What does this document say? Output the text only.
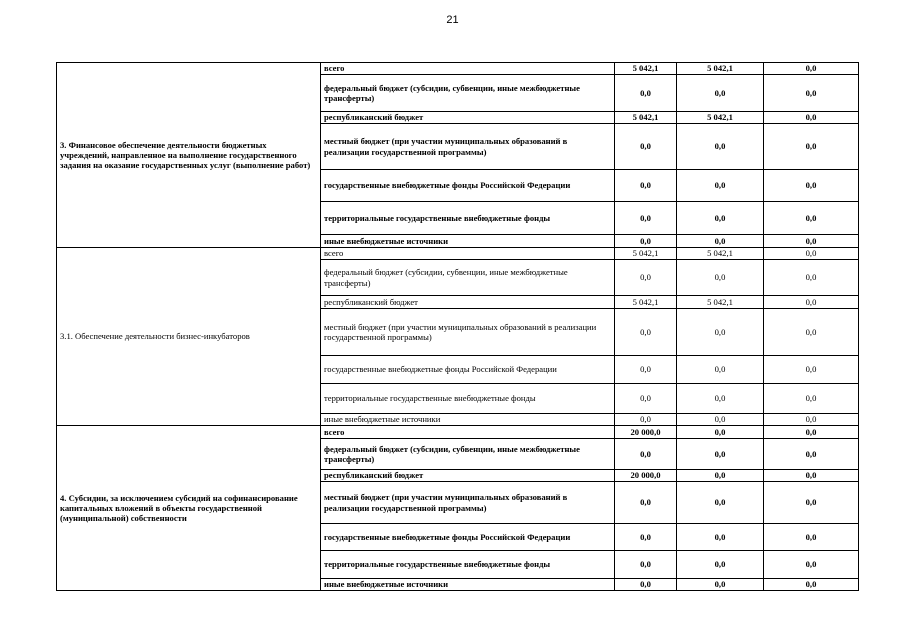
21
3. Финансовое обеспечение деятельности бюджетных учреждений, направленное на выполнение государственного задания на оказание государственных услуг (выполнение работ)	всего	5 042,1	5 042,1	0,0
	федеральный бюджет (субсидии, субвенции, иные межбюджетные трансферты)	0,0	0,0	0,0
	республиканский бюджет	5 042,1	5 042,1	0,0
	местный бюджет (при участии муниципальных образований в реализации государственной программы)	0,0	0,0	0,0
	государственные внебюджетные фонды Российской Федерации	0,0	0,0	0,0
	территориальные государственные внебюджетные фонды	0,0	0,0	0,0
	иные внебюджетные источники	0,0	0,0	0,0
3.1. Обеспечение деятельности бизнес-инкубаторов	всего	5 042,1	5 042,1	0,0
	федеральный бюджет (субсидии, субвенции, иные межбюджетные трансферты)	0,0	0,0	0,0
	республиканский бюджет	5 042,1	5 042,1	0,0
	местный бюджет (при участии муниципальных образований в реализации государственной программы)	0,0	0,0	0,0
	государственные внебюджетные фонды Российской Федерации	0,0	0,0	0,0
	территориальные государственные внебюджетные фонды	0,0	0,0	0,0
	иные внебюджетные источники	0,0	0,0	0,0
4. Субсидии, за исключением субсидий на софинансирование капитальных вложений в объекты государственной (муниципальной) собственности	всего	20 000,0	0,0	0,0
	федеральный бюджет (субсидии, субвенции, иные межбюджетные трансферты)	0,0	0,0	0,0
	республиканский бюджет	20 000,0	0,0	0,0
	местный бюджет (при участии муниципальных образований в реализации государственной программы)	0,0	0,0	0,0
	государственные внебюджетные фонды Российской Федерации	0,0	0,0	0,0
	территориальные государственные внебюджетные фонды	0,0	0,0	0,0
	иные внебюджетные источники	0,0	0,0	0,0
